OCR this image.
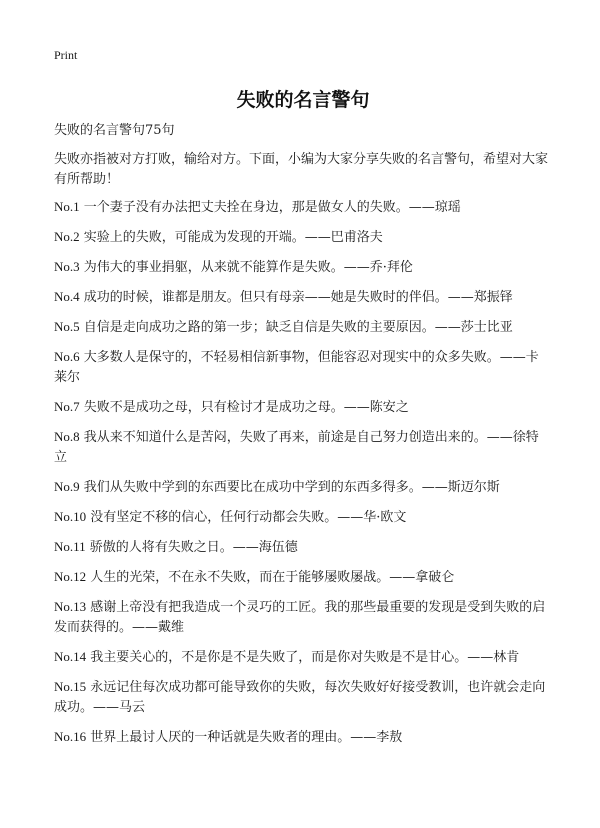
Print
失败的名言警句
失败的名言警句75句

失败亦指被对方打败，输给对方。下面，小编为大家分享失败的名言警句，希望对大家有所帮助！

No.1 一个妻子没有办法把丈夫拴在身边，那是做女人的失败。——琼瑶
No.2 实验上的失败，可能成为发现的开端。——巴甫洛夫
No.3 为伟大的事业捐躯，从来就不能算作是失败。——乔·拜伦
No.4 成功的时候，谁都是朋友。但只有母亲——她是失败时的伴侣。——郑振铎
No.5 自信是走向成功之路的第一步；缺乏自信是失败的主要原因。——莎士比亚
No.6 大多数人是保守的，不轻易相信新事物，但能容忍对现实中的众多失败。——卡莱尔
No.7 失败不是成功之母，只有检讨才是成功之母。——陈安之
No.8 我从来不知道什么是苦闷，失败了再来，前途是自己努力创造出来的。——徐特立
No.9 我们从失败中学到的东西要比在成功中学到的东西多得多。——斯迈尔斯
No.10 没有坚定不移的信心，任何行动都会失败。——华·欧文
No.11 骄傲的人将有失败之日。——海伍德
No.12 人生的光荣，不在永不失败，而在于能够屡败屡战。——拿破仑
No.13 感谢上帝没有把我造成一个灵巧的工匠。我的那些最重要的发现是受到失败的启发而获得的。——戴维
No.14 我主要关心的，不是你是不是失败了，而是你对失败是不是甘心。——林肯
No.15 永远记住每次成功都可能导致你的失败，每次失败好好接受教训，也许就会走向成功。——马云
No.16 世界上最讨人厌的一种话就是失败者的理由。——李敖
